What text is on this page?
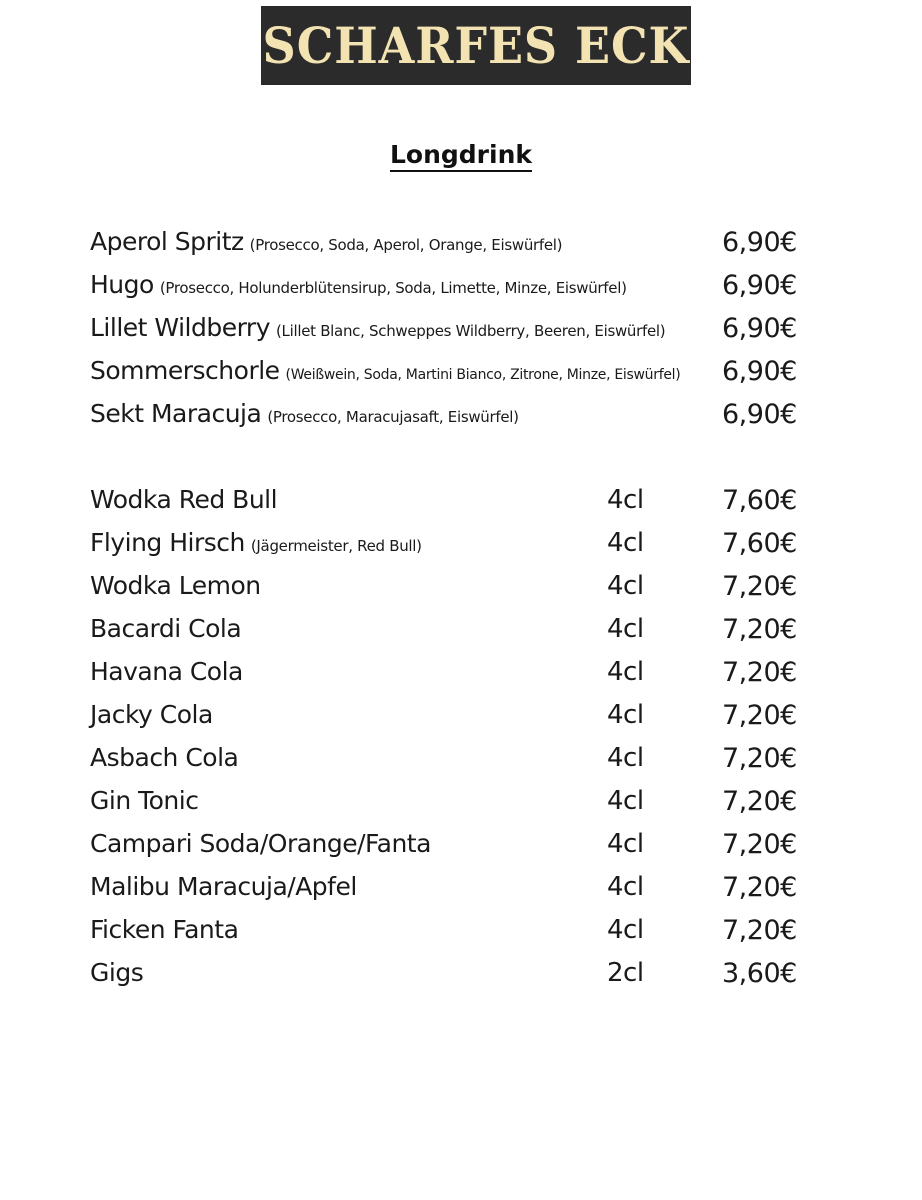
SCHARFES ECK
Longdrink
Aperol Spritz (Prosecco, Soda, Aperol, Orange, Eiswürfel)	6,90€
Hugo (Prosecco, Holunderblütensirup, Soda, Limette, Minze, Eiswürfel)	6,90€
Lillet Wildberry (Lillet Blanc, Schweppes Wildberry, Beeren, Eiswürfel) 6,90€
Sommerschorle (Weißwein, Soda, Martini Bianco, Zitrone, Minze, Eiswürfel) 6,90€
Sekt Maracuja (Prosecco, Maracujasaft, Eiswürfel)	6,90€
Wodka Red Bull	4cl	7,60€
Flying Hirsch (Jägermeister, Red Bull)	4cl	7,60€
Wodka Lemon	4cl	7,20€
Bacardi Cola	4cl	7,20€
Havana Cola	4cl	7,20€
Jacky Cola	4cl	7,20€
Asbach Cola	4cl	7,20€
Gin Tonic	4cl	7,20€
Campari Soda/Orange/Fanta	4cl	7,20€
Malibu Maracuja/Apfel	4cl	7,20€
Ficken Fanta	4cl	7,20€
Gigs	2cl	3,60€
